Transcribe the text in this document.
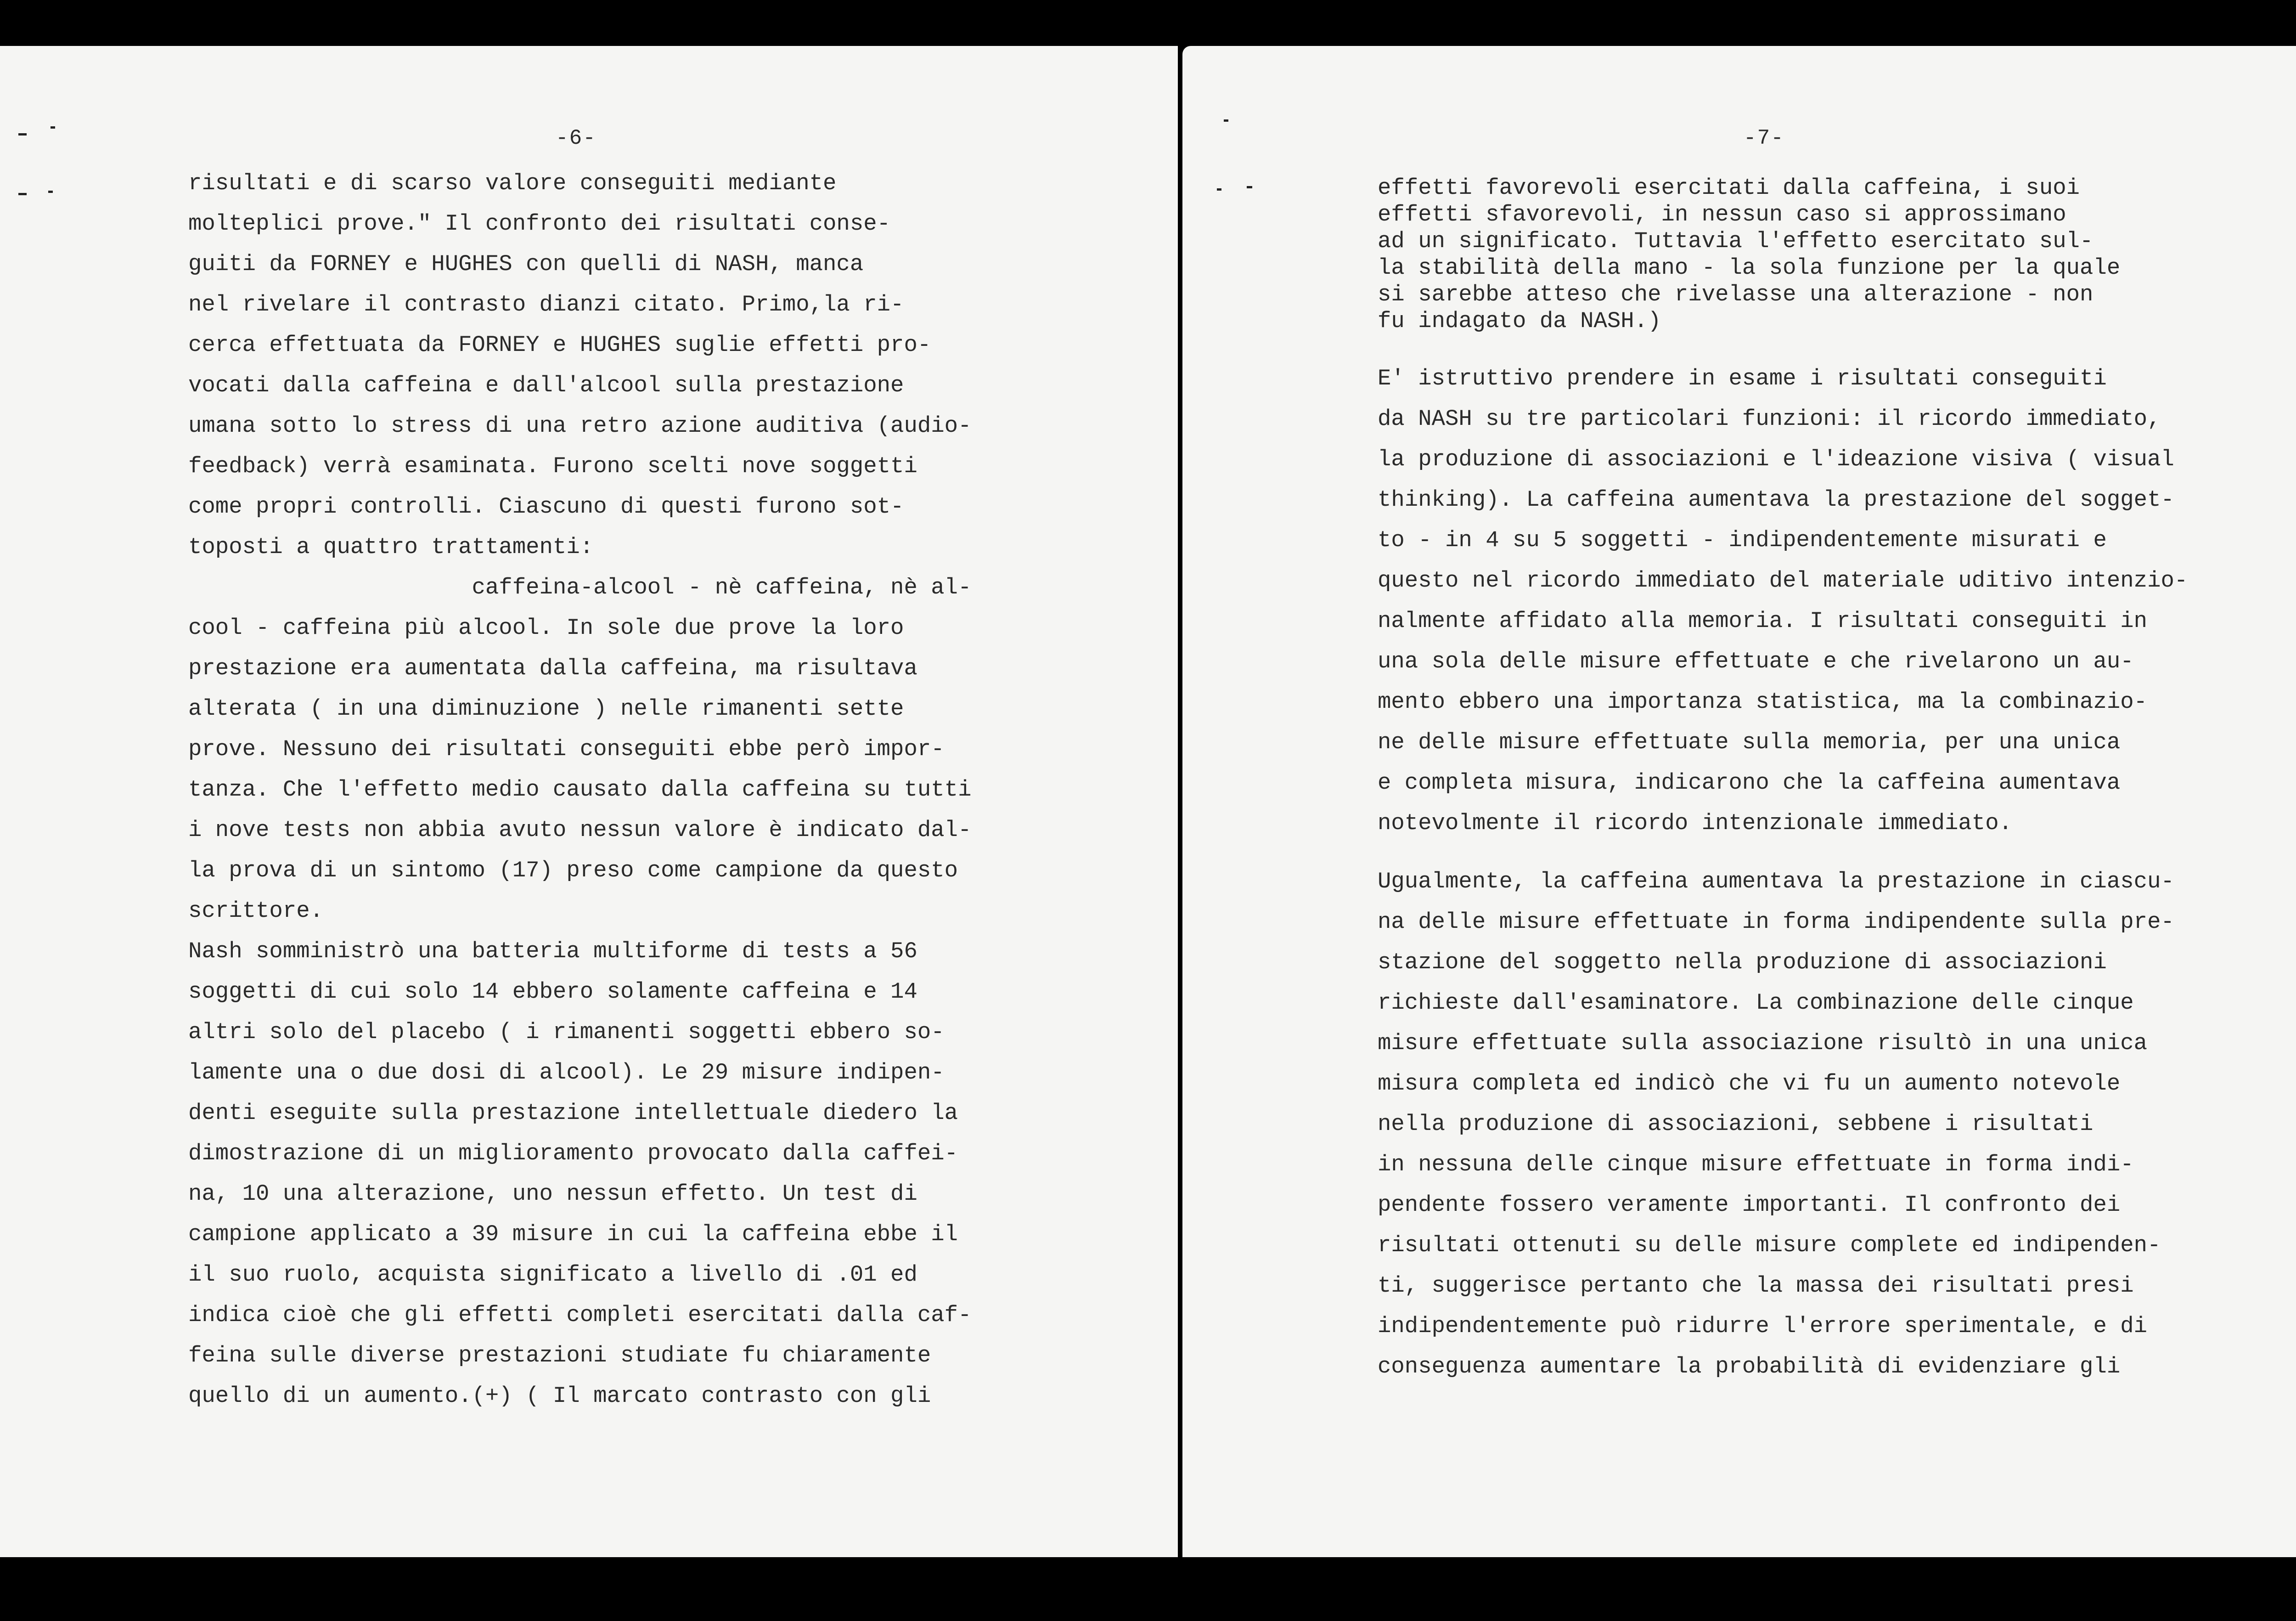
-6-

risultati e di scarso valore conseguiti mediante
molteplici prove." Il confronto dei risultati conse-
guiti da FORNEY e HUGHES con quelli di NASH, manca
nel rivelare il contrasto dianzi citato. Primo,la ri-
cerca effettuata da FORNEY e HUGHES suglie effetti pro-
vocati dalla caffeina e dall'alcool sulla prestazione
umana sotto lo stress di una retro azione auditiva (audio-
feedback) verrà esaminata. Furono scelti nove soggetti
come propri controlli. Ciascuno di questi furono sot-
toposti a quattro trattamenti:
caffeina-alcool - nè caffeina, nè al-
cool - caffeina più alcool. In sole due prove la loro
prestazione era aumentata dalla caffeina, ma risultava
alterata ( in una diminuzione ) nelle rimanenti sette
prove. Nessuno dei risultati conseguiti ebbe però impor-
tanza. Che l'effetto medio causato dalla caffeina su tutti
i nove tests non abbia avuto nessun valore è indicato dal-
la prova di un sintomo (17) preso come campione da questo
scrittore.
Nash somministrò una batteria multiforme di tests a 56
soggetti di cui solo 14 ebbero solamente caffeina e 14
altri solo del placebo ( i rimanenti soggetti ebbero so-
lamente una o due dosi di alcool). Le 29 misure indipen-
denti eseguite sulla prestazione intellettuale diedero la
dimostrazione di un miglioramento provocato dalla caffei-
na, 10 una alterazione, uno nessun effetto. Un test di
campione applicato a 39 misure in cui la caffeina ebbe il
il suo ruolo, acquista significato a livello di .01 ed
indica cioè che gli effetti completi esercitati dalla caf-
feina sulle diverse prestazioni studiate fu chiaramente
quello di un aumento.(+) ( Il marcato contrasto con gli

-7-

effetti favorevoli esercitati dalla caffeina, i suoi
effetti sfavorevoli, in nessun caso si approssimano
ad un significato. Tuttavia l'effetto esercitato sul-
la stabilità della mano - la sola funzione per la quale
si sarebbe atteso che rivelasse una alterazione - non
fu indagato da NASH.)
E' istruttivo prendere in esame i risultati conseguiti
da NASH su tre particolari funzioni: il ricordo immediato,
la produzione di associazioni e l'ideazione visiva ( visual
thinking). La caffeina aumentava la prestazione del sogget-
to - in 4 su 5 soggetti - indipendentemente misurati e
questo nel ricordo immediato del materiale uditivo intenzio-
nalmente affidato alla memoria. I risultati conseguiti in
una sola delle misure effettuate e che rivelarono un au-
mento ebbero una importanza statistica, ma la combinazio-
ne delle misure effettuate sulla memoria, per una unica
e completa misura, indicarono che la caffeina aumentava
notevolmente il ricordo intenzionale immediato.
Ugualmente, la caffeina aumentava la prestazione in ciascu-
na delle misure effettuate in forma indipendente sulla pre-
stazione del soggetto nella produzione di associazioni
richieste dall'esaminatore. La combinazione delle cinque
misure effettuate sulla associazione risultò in una unica
misura completa ed indicò che vi fu un aumento notevole
nella produzione di associazioni, sebbene i risultati
in nessuna delle cinque misure effettuate in forma indi-
pendente fossero veramente importanti. Il confronto dei
risultati ottenuti su delle misure complete ed indipenden-
ti, suggerisce pertanto che la massa dei risultati presi
indipendentemente può ridurre l'errore sperimentale, e di
conseguenza aumentare la probabilità di evidenziare gli
